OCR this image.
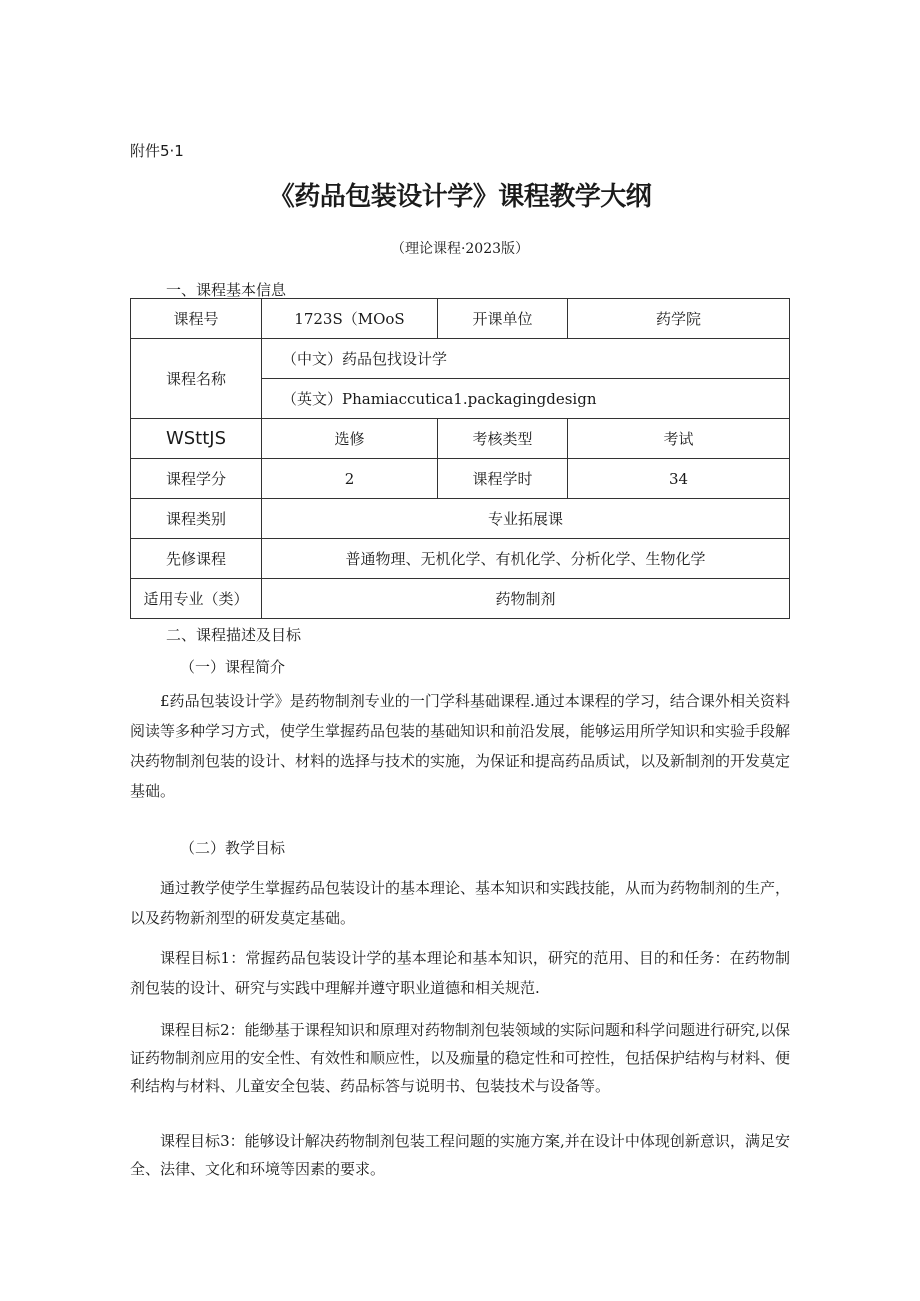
附件5·1
《药品包装设计学》课程教学大纲
（理论课程·2023版）
一、课程基本信息
课程号	1723S（MOoS	开课单位	药学院
课程名称	（中文）药品包找设计学		
	（英文）Phamiaccutica1.packagingdesign		
WSttJS	选修	考核类型	考试
课程学分	2	课程学时	34
课程类别	专业拓展课		
先修课程	普通物理、无机化学、有机化学、分析化学、生物化学		
适用专业（类）	药物制剂		
二、课程描述及目标
（一）课程简介
£药品包装设计学》是药物制剂专业的一门学科基础课程.通过本课程的学习，结合课外相关资料阅读等多种学习方式，使学生掌握药品包装的基础知识和前沿发展，能够运用所学知识和实验手段解决药物制剂包装的设计、材料的选择与技术的实施，为保证和提高药品质试，以及新制剂的开发莫定基础。
（二）教学目标
通过教学使学生掌握药品包装设计的基本理论、基本知识和实践技能，从而为药物制剂的生产，以及药物新剂型的研发莫定基础。
课程目标1：常握药品包装设计学的基本理论和基本知识，研究的范用、目的和任务：在药物制剂包装的设计、研究与实践中理解并遵守职业道德和相关规范.
课程目标2：能缈基于课程知识和原理对药物制剂包装领域的实际问题和科学问题进行研究,以保证药物制剂应用的安全性、有效性和顺应性，以及痂量的稳定性和可控性，包括保护结构与材料、便利结构与材料、儿童安全包装、药品标答与说明书、包装技术与设备等。
课程目标3：能够设计解决药物制剂包装工程问题的实施方案,并在设计中体现创新意识，满足安全、法律、文化和环境等因素的要求。
